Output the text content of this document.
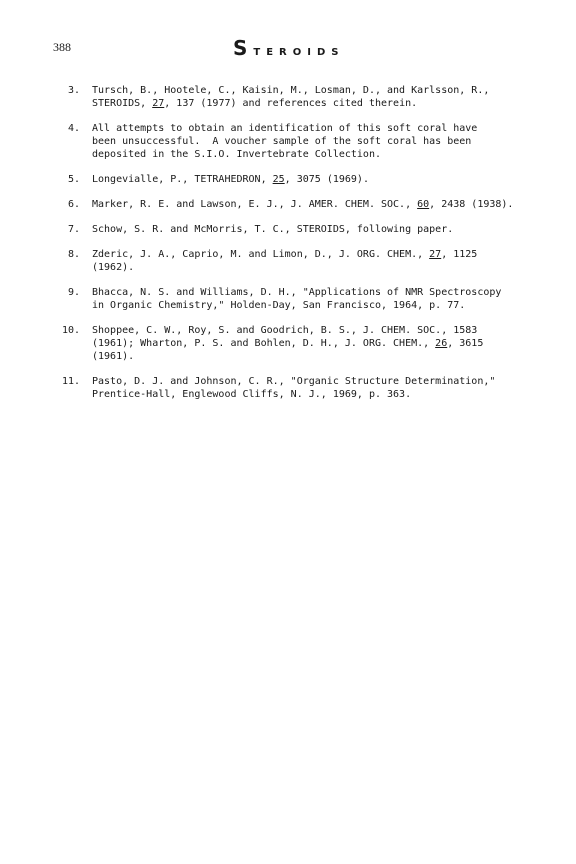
388	STEROIDS
3.	Tursch, B., Hootele, C., Kaisin, M., Losman, D., and Karlsson, R.,
STEROIDS, 27, 137 (1977) and references cited therein.
4.	All attempts to obtain an identification of this soft coral have
been unsuccessful.  A voucher sample of the soft coral has been
deposited in the S.I.O. Invertebrate Collection.
5.	Longevialle, P., TETRAHEDRON, 25, 3075 (1969).
6.	Marker, R. E. and Lawson, E. J., J. AMER. CHEM. SOC., 60, 2438 (1938).
7.	Schow, S. R. and McMorris, T. C., STEROIDS, following paper.
8.	Zderic, J. A., Caprio, M. and Limon, D., J. ORG. CHEM., 27, 1125
(1962).
9.	Bhacca, N. S. and Williams, D. H., "Applications of NMR Spectroscopy
in Organic Chemistry," Holden-Day, San Francisco, 1964, p. 77.
10.	Shoppee, C. W., Roy, S. and Goodrich, B. S., J. CHEM. SOC., 1583
(1961); Wharton, P. S. and Bohlen, D. H., J. ORG. CHEM., 26, 3615
(1961).
11.	Pasto, D. J. and Johnson, C. R., "Organic Structure Determination,"
Prentice-Hall, Englewood Cliffs, N. J., 1969, p. 363.
